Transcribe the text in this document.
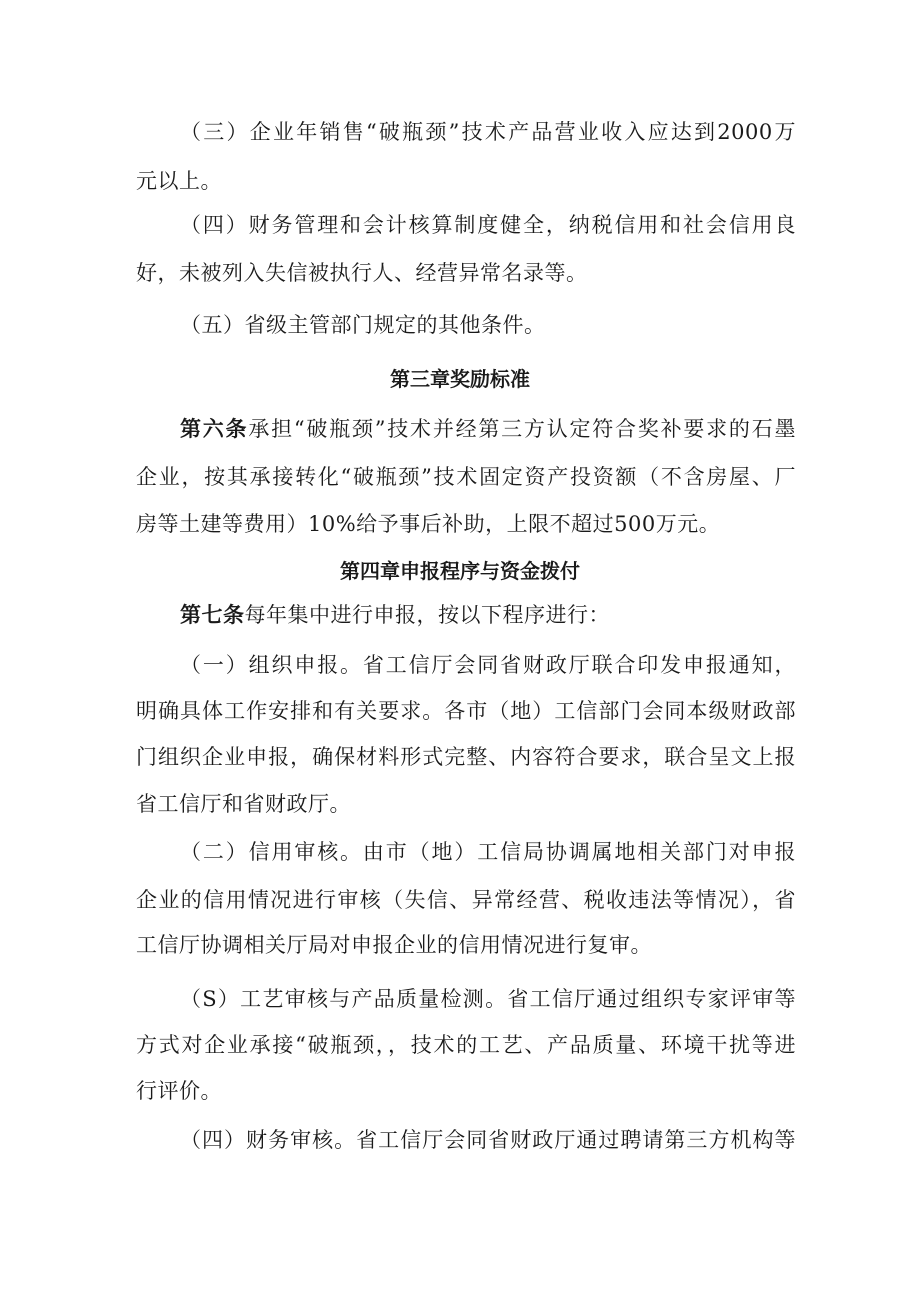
（三）企业年销售“破瓶颈”技术产品营业收入应达到2000万
元以上。
（四）财务管理和会计核算制度健全，纳税信用和社会信用良
好，未被列入失信被执行人、经营异常名录等。
（五）省级主管部门规定的其他条件。
第三章奖励标准
第六条承担“破瓶颈”技术并经第三方认定符合奖补要求的石墨
企业，按其承接转化“破瓶颈”技术固定资产投资额（不含房屋、厂
房等土建等费用）10%给予事后补助，上限不超过500万元。
第四章申报程序与资金拨付
第七条每年集中进行申报，按以下程序进行：
（一）组织申报。省工信厅会同省财政厅联合印发申报通知，
明确具体工作安排和有关要求。各市（地）工信部门会同本级财政部
门组织企业申报，确保材料形式完整、内容符合要求，联合呈文上报
省工信厅和省财政厅。
（二）信用审核。由市（地）工信局协调属地相关部门对申报
企业的信用情况进行审核（失信、异常经营、税收违法等情况），省
工信厅协调相关厅局对申报企业的信用情况进行复审。
（S）工艺审核与产品质量检测。省工信厅通过组织专家评审等
方式对企业承接“破瓶颈，，技术的工艺、产品质量、环境干扰等进
行评价。
（四）财务审核。省工信厅会同省财政厅通过聘请第三方机构等
